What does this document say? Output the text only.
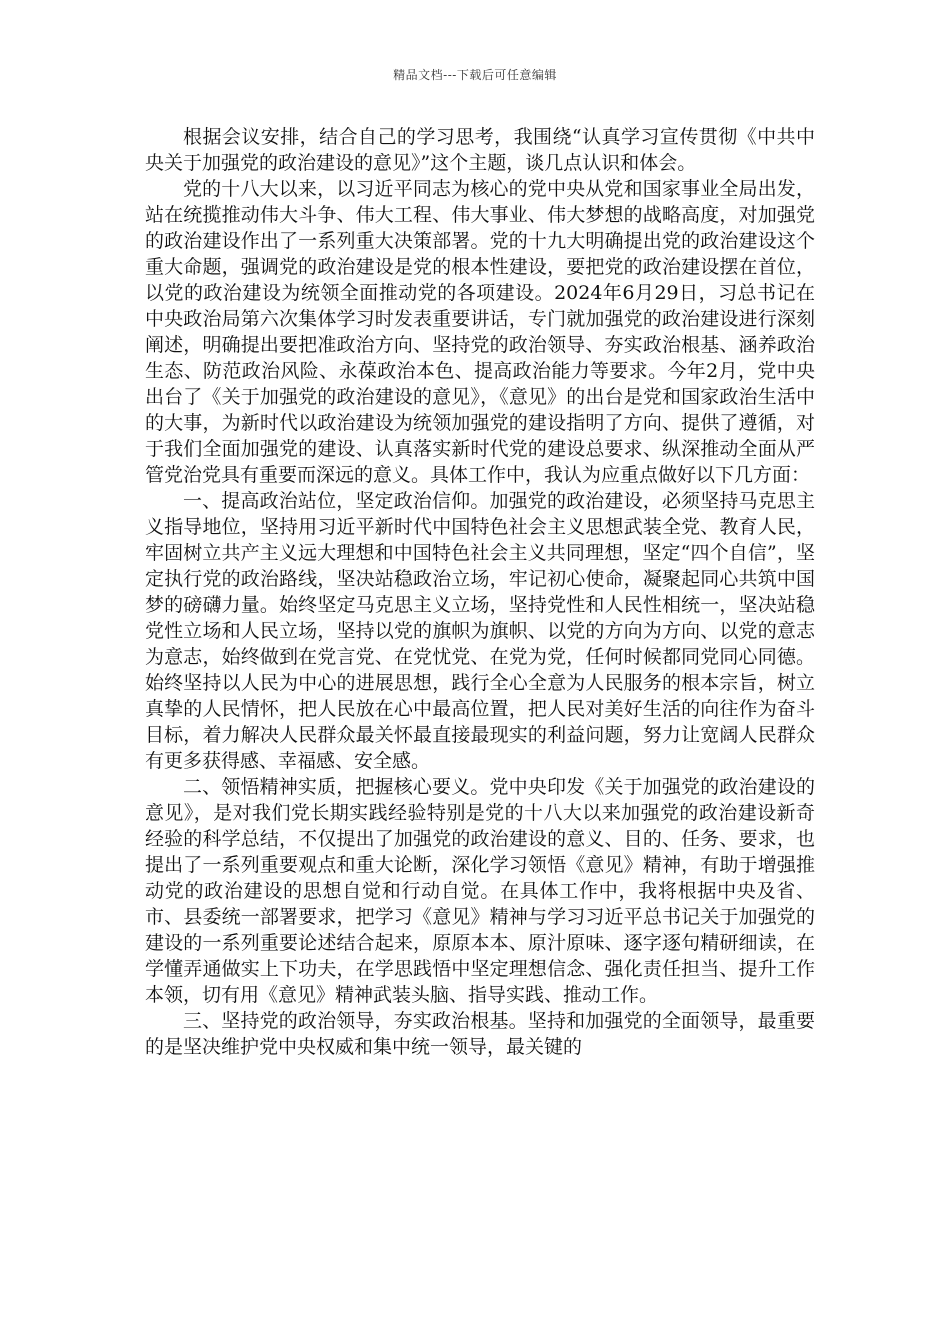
精品文档---下载后可任意编辑

根据会议安排，结合自己的学习思考，我围绕“认真学习宣传贯彻《中共中央关于加强党的政治建设的意见》”这个主题，谈几点认识和体会。

党的十八大以来，以习近平同志为核心的党中央从党和国家事业全局出发，站在统揽推动伟大斗争、伟大工程、伟大事业、伟大梦想的战略高度，对加强党的政治建设作出了一系列重大决策部署。党的十九大明确提出党的政治建设这个重大命题，强调党的政治建设是党的根本性建设，要把党的政治建设摆在首位，以党的政治建设为统领全面推动党的各项建设。2024年6月29日，习总书记在中央政治局第六次集体学习时发表重要讲话，专门就加强党的政治建设进行深刻阐述，明确提出要把准政治方向、坚持党的政治领导、夯实政治根基、涵养政治生态、防范政治风险、永葆政治本色、提高政治能力等要求。今年2月，党中央出台了《关于加强党的政治建设的意见》，《意见》的出台是党和国家政治生活中的大事，为新时代以政治建设为统领加强党的建设指明了方向、提供了遵循，对于我们全面加强党的建设、认真落实新时代党的建设总要求、纵深推动全面从严管党治党具有重要而深远的意义。具体工作中，我认为应重点做好以下几方面：

一、提高政治站位，坚定政治信仰。加强党的政治建设，必须坚持马克思主义指导地位，坚持用习近平新时代中国特色社会主义思想武装全党、教育人民，牢固树立共产主义远大理想和中国特色社会主义共同理想，坚定“四个自信”，坚定执行党的政治路线，坚决站稳政治立场，牢记初心使命，凝聚起同心共筑中国梦的磅礴力量。始终坚定马克思主义立场，坚持党性和人民性相统一，坚决站稳党性立场和人民立场，坚持以党的旗帜为旗帜、以党的方向为方向、以党的意志为意志，始终做到在党言党、在党忧党、在党为党，任何时候都同党同心同德。始终坚持以人民为中心的进展思想，践行全心全意为人民服务的根本宗旨，树立真挚的人民情怀，把人民放在心中最高位置，把人民对美好生活的向往作为奋斗目标，着力解决人民群众最关怀最直接最现实的利益问题，努力让宽阔人民群众有更多获得感、幸福感、安全感。

二、领悟精神实质，把握核心要义。党中央印发《关于加强党的政治建设的意见》，是对我们党长期实践经验特别是党的十八大以来加强党的政治建设新奇经验的科学总结，不仅提出了加强党的政治建设的意义、目的、任务、要求，也提出了一系列重要观点和重大论断，深化学习领悟《意见》精神，有助于增强推动党的政治建设的思想自觉和行动自觉。在具体工作中，我将根据中央及省、市、县委统一部署要求，把学习《意见》精神与学习习近平总书记关于加强党的建设的一系列重要论述结合起来，原原本本、原汁原味、逐字逐句精研细读，在学懂弄通做实上下功夫，在学思践悟中坚定理想信念、强化责任担当、提升工作本领，切有用《意见》精神武装头脑、指导实践、推动工作。

三、坚持党的政治领导，夯实政治根基。坚持和加强党的全面领导，最重要的是坚决维护党中央权威和集中统一领导，最关键的
